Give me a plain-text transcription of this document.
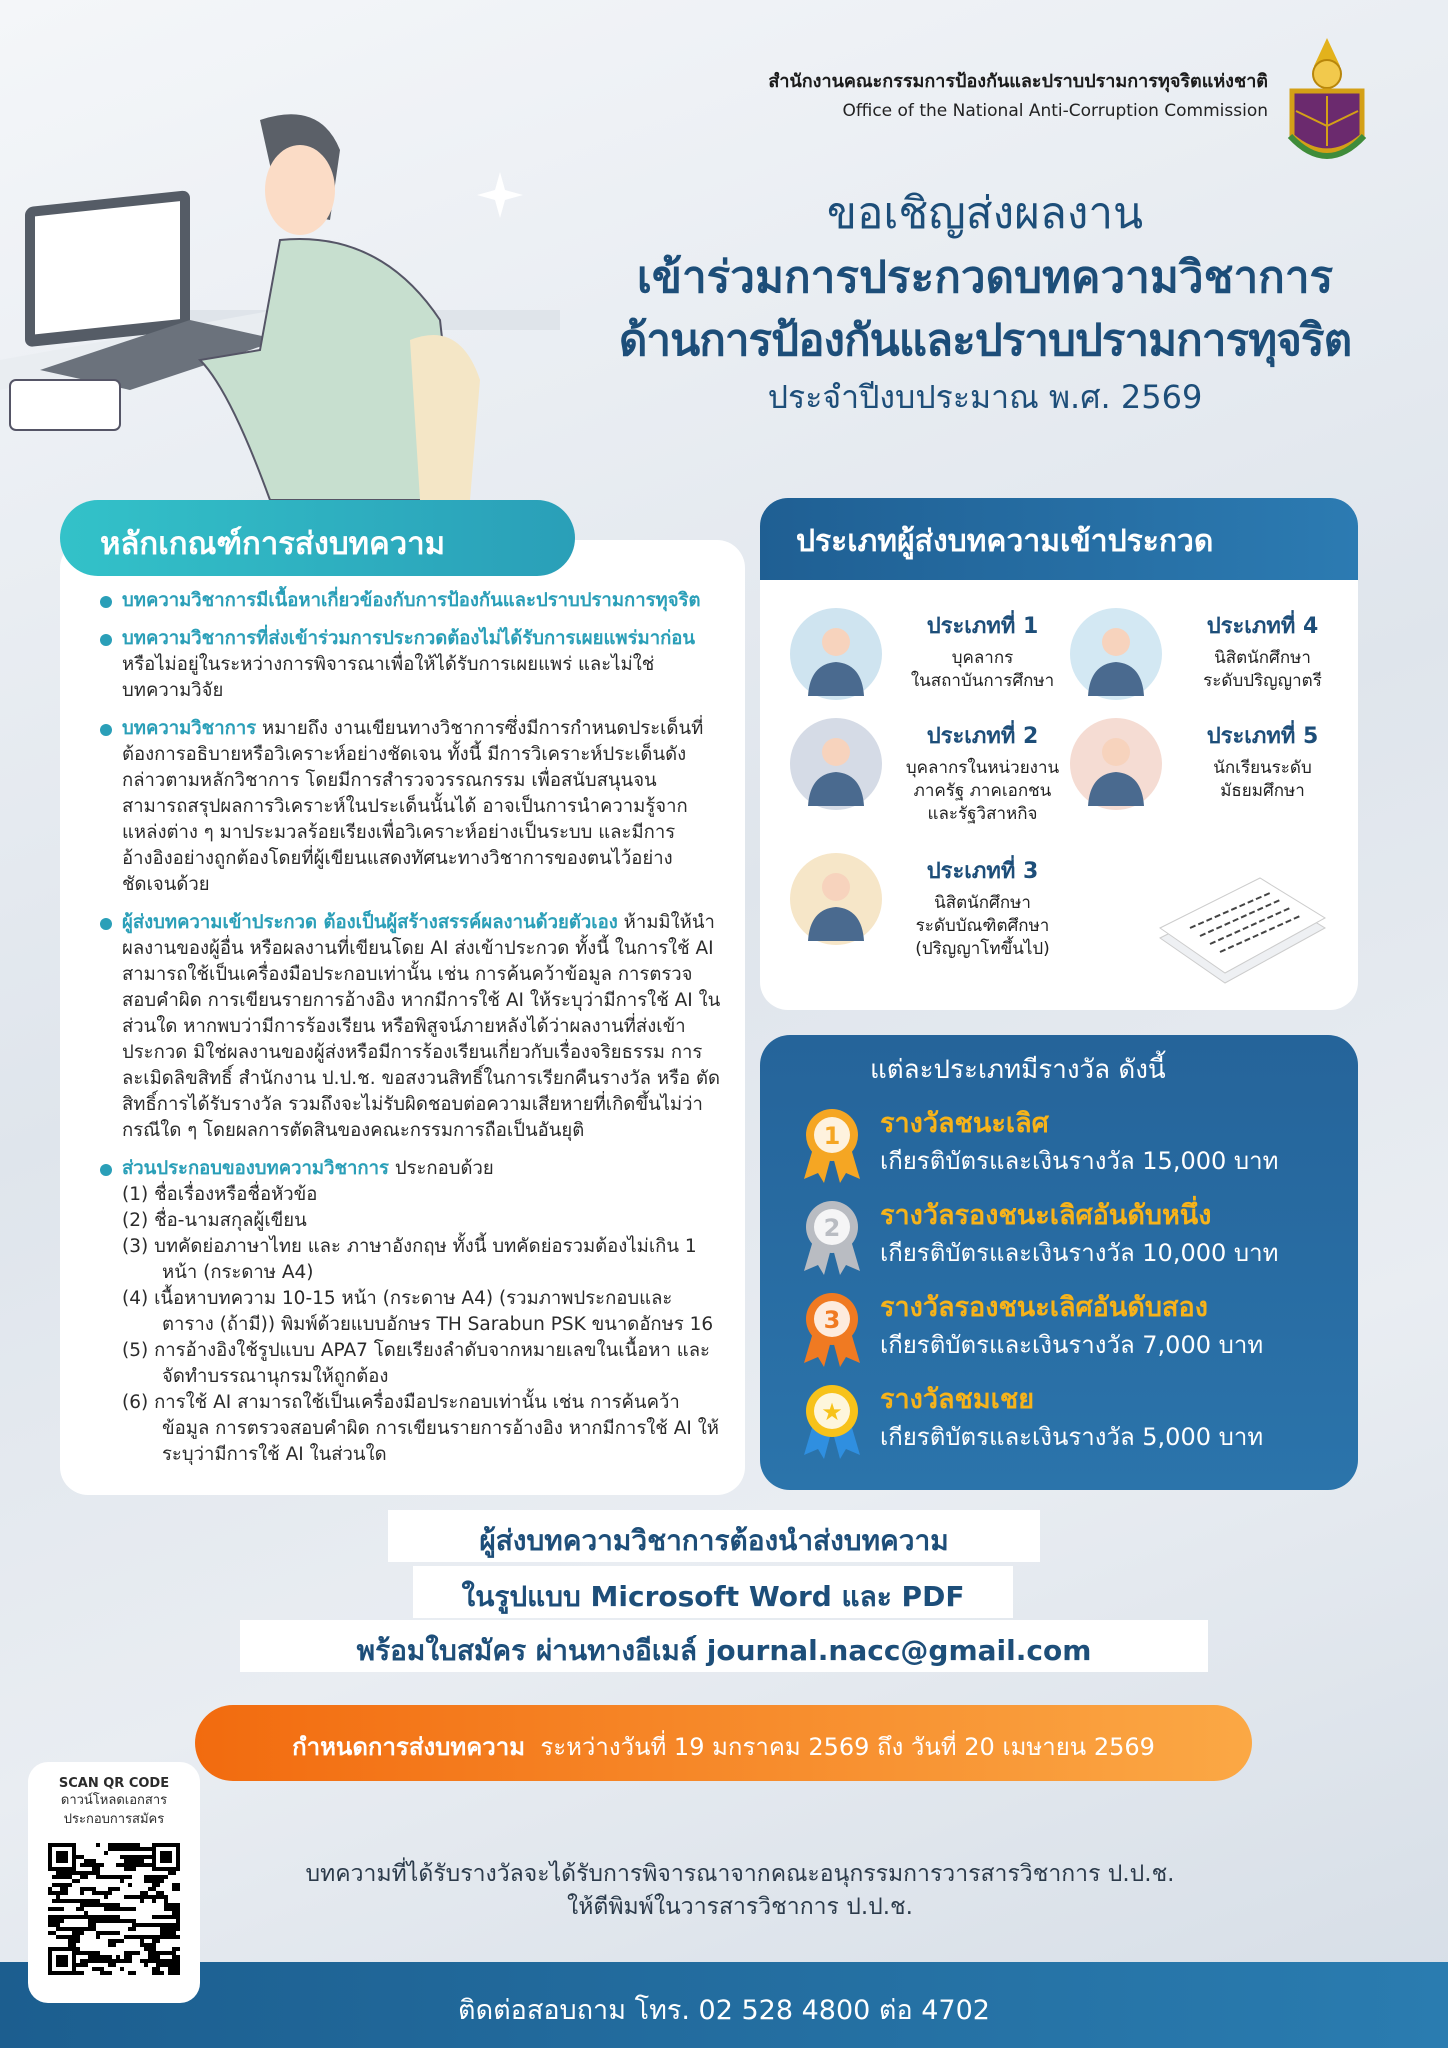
สำนักงานคณะกรรมการป้องกันและปราบปรามการทุจริตแห่งชาติ
Office of the National Anti-Corruption Commission
ขอเชิญส่งผลงาน
เข้าร่วมการประกวดบทความวิชาการ
ด้านการป้องกันและปราบปรามการทุจริต
ประจำปีงบประมาณ พ.ศ. 2569
บทความวิชาการมีเนื้อหาเกี่ยวข้องกับการป้องกันและปราบปรามการทุจริต
บทความวิชาการที่ส่งเข้าร่วมการประกวดต้องไม่ได้รับการเผยแพร่มาก่อน หรือไม่อยู่ในระหว่างการพิจารณาเพื่อให้ได้รับการเผยแพร่ และไม่ใช่บทความวิจัย
บทความวิชาการ หมายถึง งานเขียนทางวิชาการซึ่งมีการกำหนดประเด็นที่ต้องการอธิบายหรือวิเคราะห์อย่างชัดเจน ทั้งนี้ มีการวิเคราะห์ประเด็นดังกล่าวตามหลักวิชาการ โดยมีการสำรวจวรรณกรรม เพื่อสนับสนุนจนสามารถสรุปผลการวิเคราะห์ในประเด็นนั้นได้ อาจเป็นการนำความรู้จากแหล่งต่าง ๆ มาประมวลร้อยเรียงเพื่อวิเคราะห์อย่างเป็นระบบ และมีการอ้างอิงอย่างถูกต้องโดยที่ผู้เขียนแสดงทัศนะทางวิชาการของตนไว้อย่างชัดเจนด้วย
ผู้ส่งบทความเข้าประกวด ต้องเป็นผู้สร้างสรรค์ผลงานด้วยตัวเอง ห้ามมิให้นำผลงานของผู้อื่น หรือผลงานที่เขียนโดย AI ส่งเข้าประกวด ทั้งนี้ ในการใช้ AI สามารถใช้เป็นเครื่องมือประกอบเท่านั้น เช่น การค้นคว้าข้อมูล การตรวจสอบคำผิด การเขียนรายการอ้างอิง หากมีการใช้ AI ให้ระบุว่ามีการใช้ AI ในส่วนใด หากพบว่ามีการร้องเรียน หรือพิสูจน์ภายหลังได้ว่าผลงานที่ส่งเข้าประกวด มิใช่ผลงานของผู้ส่งหรือมีการร้องเรียนเกี่ยวกับเรื่องจริยธรรม การละเมิดลิขสิทธิ์ สำนักงาน ป.ป.ช. ขอสงวนสิทธิ์ในการเรียกคืนรางวัล หรือ ตัดสิทธิ์การได้รับรางวัล รวมถึงจะไม่รับผิดชอบต่อความเสียหายที่เกิดขึ้นไม่ว่ากรณีใด ๆ โดยผลการตัดสินของคณะกรรมการถือเป็นอันยุติ
ส่วนประกอบของบทความวิชาการ ประกอบด้วย
(1) ชื่อเรื่องหรือชื่อหัวข้อ
(2) ชื่อ-นามสกุลผู้เขียน
(3) บทคัดย่อภาษาไทย และ ภาษาอังกฤษ ทั้งนี้ บทคัดย่อรวมต้องไม่เกิน 1 หน้า (กระดาษ A4)
(4) เนื้อหาบทความ 10-15 หน้า (กระดาษ A4) (รวมภาพประกอบและตาราง (ถ้ามี)) พิมพ์ด้วยแบบอักษร TH Sarabun PSK ขนาดอักษร 16
(5) การอ้างอิงใช้รูปแบบ APA7 โดยเรียงลำดับจากหมายเลขในเนื้อหา และจัดทำบรรณานุกรมให้ถูกต้อง
(6) การใช้ AI สามารถใช้เป็นเครื่องมือประกอบเท่านั้น เช่น การค้นคว้าข้อมูล การตรวจสอบคำผิด การเขียนรายการอ้างอิง หากมีการใช้ AI ให้ระบุว่ามีการใช้ AI ในส่วนใด
หลักเกณฑ์การส่งบทความ	ประเภทผู้ส่งบทความเข้าประกวด
ประเภทที่ 1
บุคลากร
ในสถาบันการศึกษา
ประเภทที่ 2
บุคลากรในหน่วยงาน
ภาครัฐ ภาคเอกชน
และรัฐวิสาหกิจ
ประเภทที่ 3
นิสิตนักศึกษา
ระดับบัณฑิตศึกษา
(ปริญญาโทขึ้นไป)
ประเภทที่ 4
นิสิตนักศึกษา
ระดับปริญญาตรี
ประเภทที่ 5
นักเรียนระดับ
มัธยมศึกษา
แต่ละประเภทมีรางวัล ดังนี้
1 รางวัลชนะเลิศ
เกียรติบัตรและเงินรางวัล 15,000 บาท
2 รางวัลรองชนะเลิศอันดับหนึ่ง
เกียรติบัตรและเงินรางวัล 10,000 บาท
3 รางวัลรองชนะเลิศอันดับสอง
เกียรติบัตรและเงินรางวัล 7,000 บาท
★ รางวัลชมเชย
เกียรติบัตรและเงินรางวัล 5,000 บาท
ผู้ส่งบทความวิชาการต้องนำส่งบทความ
ในรูปแบบ Microsoft Word และ PDF
พร้อมใบสมัคร ผ่านทางอีเมล์ journal.nacc@gmail.com
กำหนดการส่งบทความ ระหว่างวันที่ 19 มกราคม 2569 ถึง วันที่ 20 เมษายน 2569
บทความที่ได้รับรางวัลจะได้รับการพิจารณาจากคณะอนุกรรมการวารสารวิชาการ ป.ป.ช.
ให้ตีพิมพ์ในวารสารวิชาการ ป.ป.ช.
SCAN QR CODE
ดาวน์โหลดเอกสาร
ประกอบการสมัคร
ติดต่อสอบถาม โทร. 02 528 4800 ต่อ 4702
